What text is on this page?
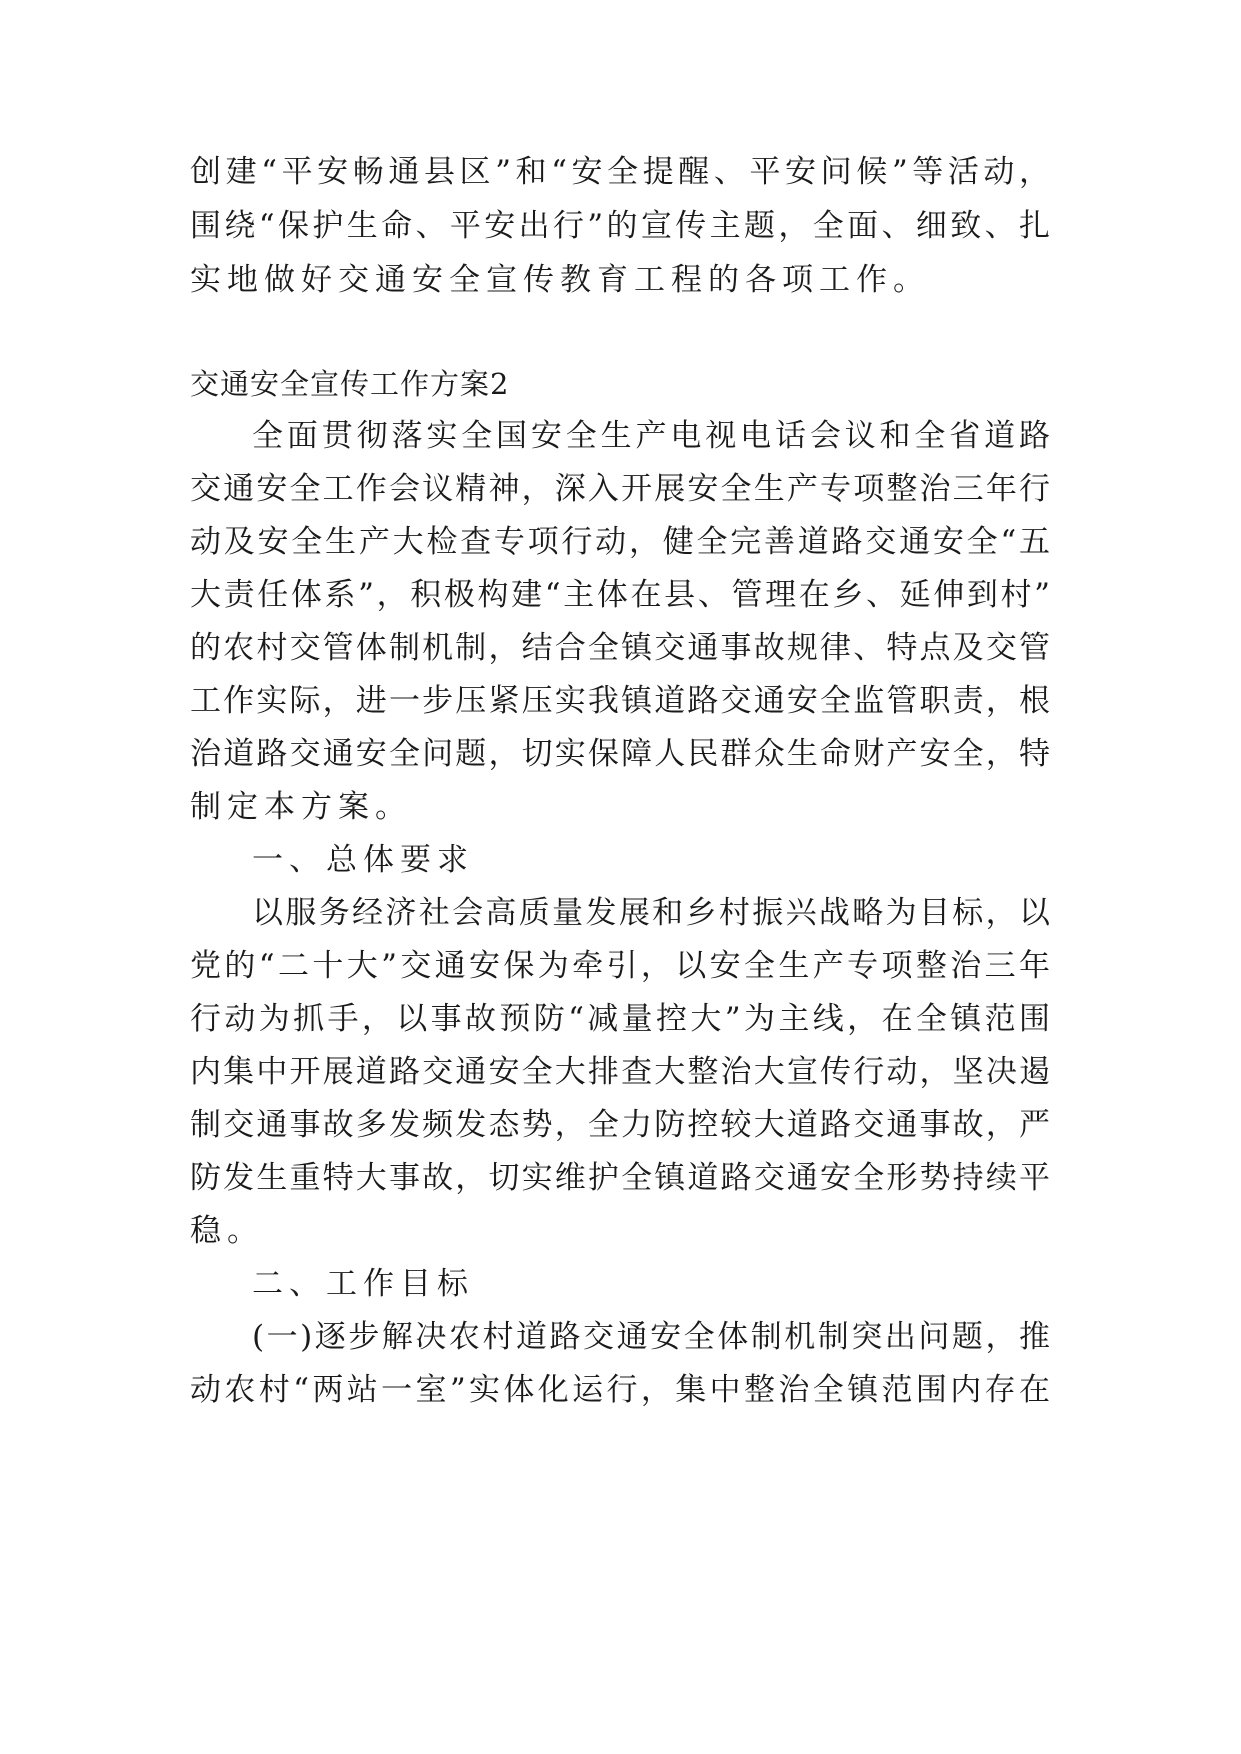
创建“平安畅通县区”和“安全提醒、平安问候”等活动，
围绕“保护生命、平安出行”的宣传主题，全面、细致、扎
实地做好交通安全宣传教育工程的各项工作。
交通安全宣传工作方案2
全面贯彻落实全国安全生产电视电话会议和全省道路
交通安全工作会议精神，深入开展安全生产专项整治三年行
动及安全生产大检查专项行动，健全完善道路交通安全“五
大责任体系”，积极构建“主体在县、管理在乡、延伸到村”
的农村交管体制机制，结合全镇交通事故规律、特点及交管
工作实际，进一步压紧压实我镇道路交通安全监管职责，根
治道路交通安全问题，切实保障人民群众生命财产安全，特
制定本方案。
一、总体要求
以服务经济社会高质量发展和乡村振兴战略为目标，以
党的“二十大”交通安保为牵引，以安全生产专项整治三年
行动为抓手，以事故预防“减量控大”为主线，在全镇范围
内集中开展道路交通安全大排查大整治大宣传行动，坚决遏
制交通事故多发频发态势，全力防控较大道路交通事故，严
防发生重特大事故，切实维护全镇道路交通安全形势持续平
稳。
二、工作目标
(一)逐步解决农村道路交通安全体制机制突出问题，推
动农村“两站一室”实体化运行，集中整治全镇范围内存在
